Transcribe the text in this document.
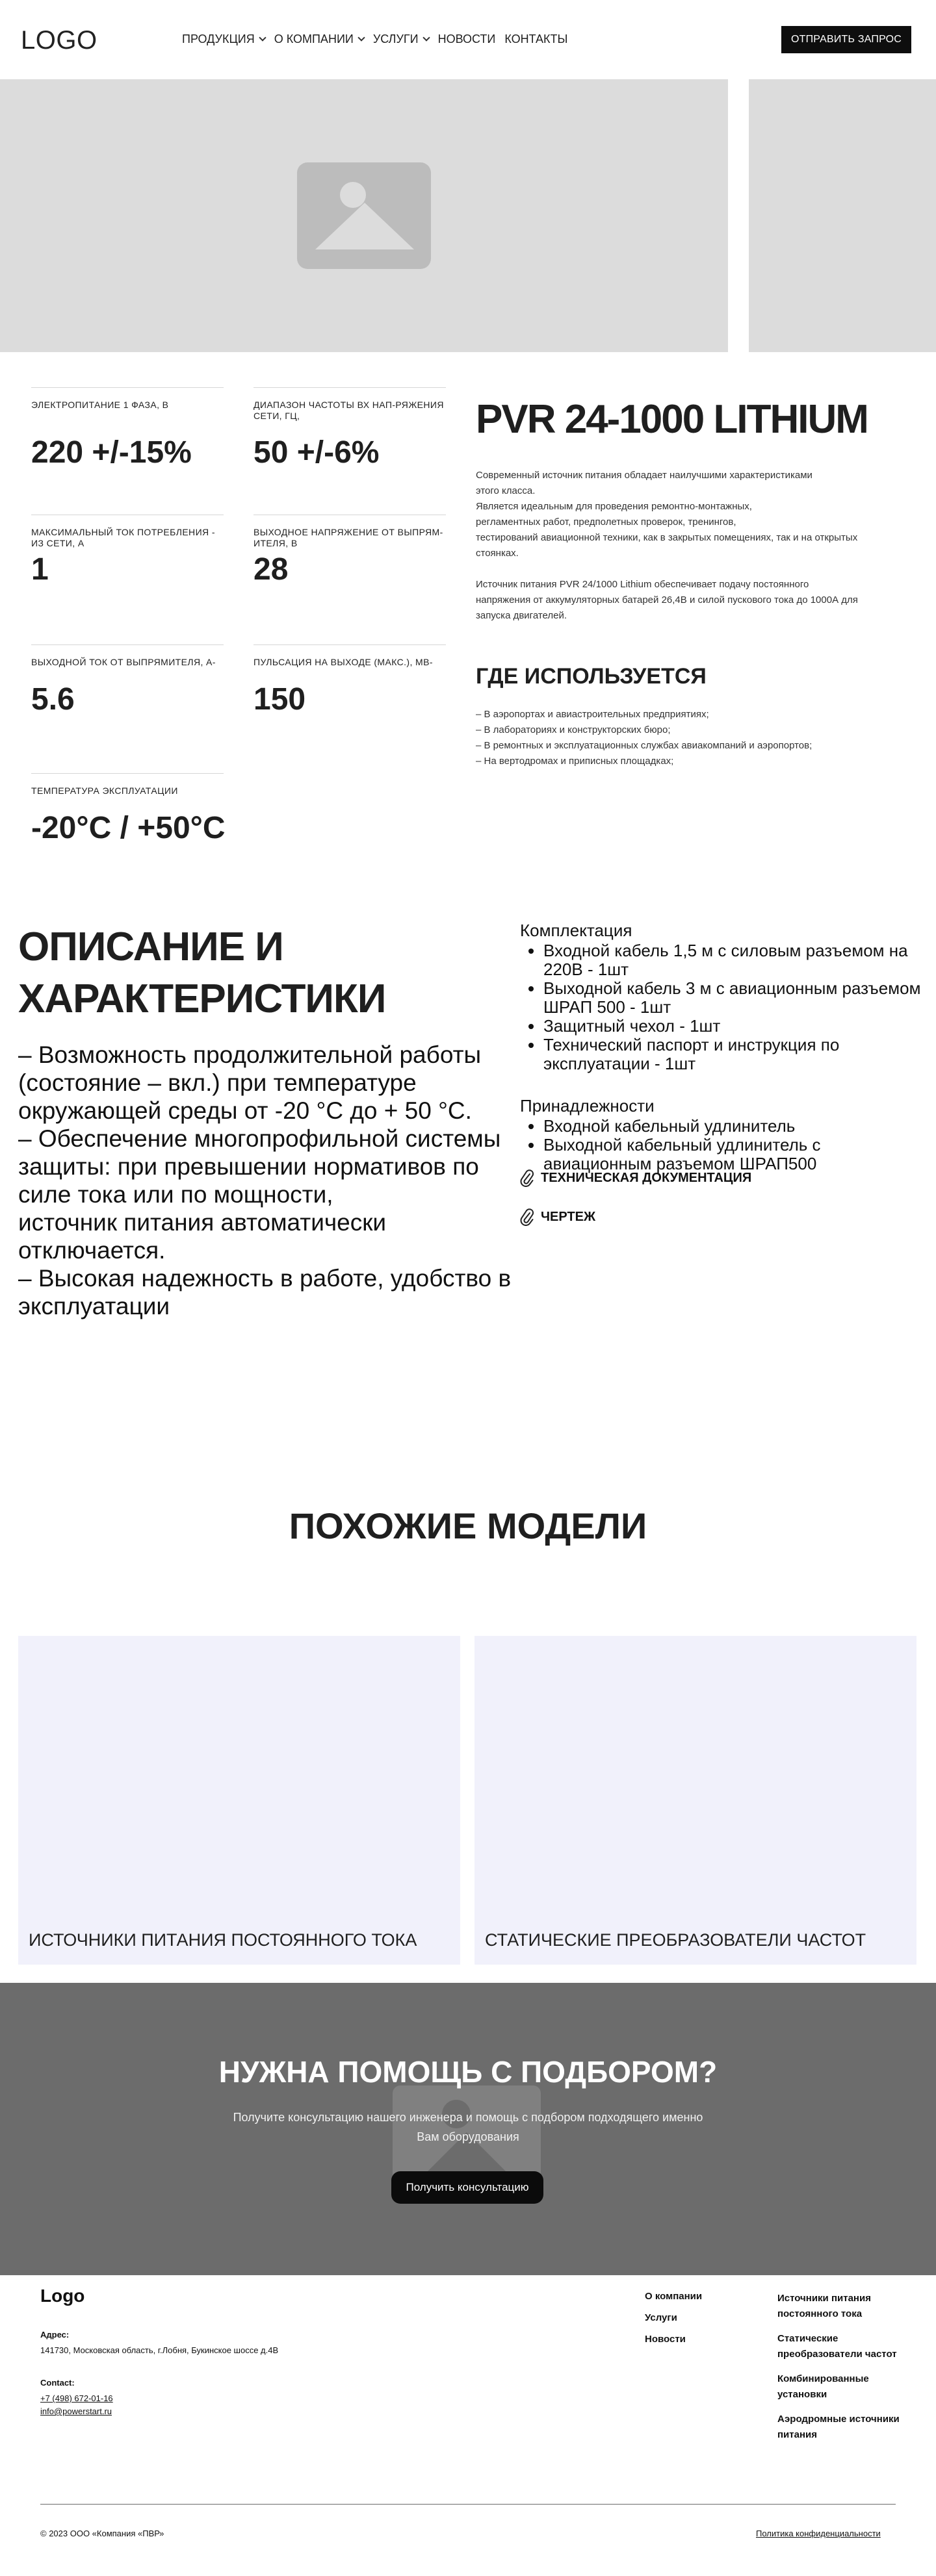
LOGO	ПРОДУКЦИЯ О КОМПАНИИ УСЛУГИ НОВОСТИ КОНТАКТЫ	ОТПРАВИТЬ ЗАПРОС
ЭЛЕКТРОПИТАНИЕ 1 ФАЗА, В
220 +/-15%
ДИАПАЗОН ЧАСТОТЫ ВХ НАП-РЯЖЕНИЯ СЕТИ, ГЦ,
50 +/-6%
МАКСИМАЛЬНЫЙ ТОК ПОТРЕБЛЕНИЯ - ИЗ СЕТИ, А
1
ВЫХОДНОЕ НАПРЯЖЕНИЕ ОТ ВЫПРЯМ-ИТЕЛЯ, В
28
ВЫХОДНОЙ ТОК ОТ ВЫПРЯМИТЕЛЯ, А-
5.6
ПУЛЬСАЦИЯ НА ВЫХОДЕ (МАКС.), МВ-
150
ТЕМПЕРАТУРА ЭКСПЛУАТАЦИИ
-20°C / +50°C
PVR 24-1000 LITHIUM

Современный источник питания обладает наилучшими характеристиками
этого класса.
Является идеальным для проведения ремонтно-монтажных,
регламентных работ, предполетных проверок, тренингов,
тестирований авиационной техники, как в закрытых помещениях, так и на открытых стоянках.

Источник питания PVR 24/1000 Lithium обеспечивает подачу постоянного напряжения от аккумуляторных батарей 26,4В и силой пускового тока до 1000А для запуска двигателей.

ГДЕ ИСПОЛЬЗУЕТСЯ
– В аэропортах и авиастроительных предприятиях;
– В лабораториях и конструкторских бюро;
– В ремонтных и эксплуатационных службах авиакомпаний и аэропортов;
– На вертодромах и приписных площадках;
ОПИСАНИЕ И ХАРАКТЕРИСТИКИ
– Возможность продолжительной работы (состояние – вкл.) при температуре окружающей среды от -20 °С до + 50 °С.
– Обеспечение многопрофильной системы защиты: при превышении нормативов по силе тока или по мощности,
источник питания автоматически отключается.
– Высокая надежность в работе, удобство в эксплуатации
Комплектация
• Входной кабель 1,5 м с силовым разъемом на 220В - 1шт
• Выходной кабель 3 м с авиационным разъемом ШРАП 500 - 1шт
• Защитный чехол - 1шт
• Технический паспорт и инструкция по эксплуатации - 1шт
Принадлежности
• Входной кабельный удлинитель
• Выходной кабельный удлинитель с авиационным разъемом ШРАП500
ТЕХНИЧЕСКАЯ ДОКУМЕНТАЦИЯ
ЧЕРТЕЖ
ПОХОЖИЕ МОДЕЛИ
ИСТОЧНИКИ ПИТАНИЯ ПОСТОЯННОГО ТОКА	СТАТИЧЕСКИЕ ПРЕОБРАЗОВАТЕЛИ ЧАСТОТ
НУЖНА ПОМОЩЬ С ПОДБОРОМ?

Получите консультацию нашего инженера и помощь с подбором подходящего именно Вам оборудования

Получить консультацию
Logo
Адрес:
141730, Московская область, г.Лобня, Букинское шоссе д.4В
Contact:
+7 (498) 672-01-16
info@powerstart.ru
О компании
Услуги
Новости
Источники питания постоянного тока
Статические преобразователи частот
Комбинированные установки
Аэродромные источники питания
© 2023 ООО «Компания «ПВР»	Политика конфиденциальности
